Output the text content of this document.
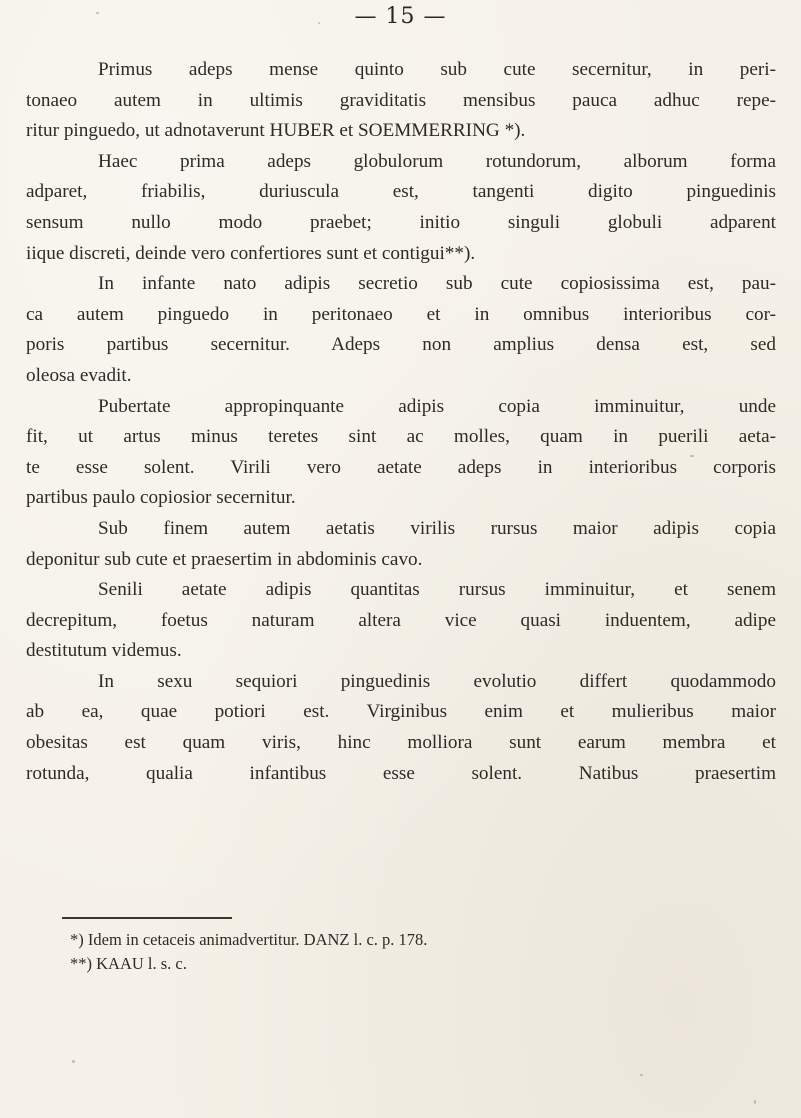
— 15 —

Primus adeps mense quinto sub cute secernitur, in peri-
tonaeo autem in ultimis graviditatis mensibus pauca adhuc repe-
ritur pinguedo, ut adnotaverunt HUBER et SOEMMERRING *).

Haec prima adeps globulorum rotundorum, alborum forma
adparet, friabilis, duriuscula est, tangenti digito pinguedinis
sensum nullo modo praebet; initio singuli globuli adparent
iique discreti, deinde vero confertiores sunt et contigui**).

In infante nato adipis secretio sub cute copiosissima est, pau-
ca autem pinguedo in peritonaeo et in omnibus interioribus cor-
poris partibus secernitur. Adeps non amplius densa est, sed
oleosa evadit.

Pubertate appropinquante adipis copia imminuitur, unde
fit, ut artus minus teretes sint ac molles, quam in puerili aeta-
te esse solent. Virili vero aetate adeps in interioribus corporis
partibus paulo copiosior secernitur.

Sub finem autem aetatis virilis rursus maior adipis copia
deponitur sub cute et praesertim in abdominis cavo.

Senili aetate adipis quantitas rursus imminuitur, et senem
decrepitum, foetus naturam altera vice quasi induentem, adipe
destitutum videmus.

In sexu sequiori pinguedinis evolutio differt quodammodo
ab ea, quae potiori est. Virginibus enim et mulieribus maior
obesitas est quam viris, hinc molliora sunt earum membra et
rotunda, qualia infantibus esse solent. Natibus praesertim

*) Idem in cetaceis animadvertitur. DANZ l. c. p. 178.
**) KAAU l. s. c.
